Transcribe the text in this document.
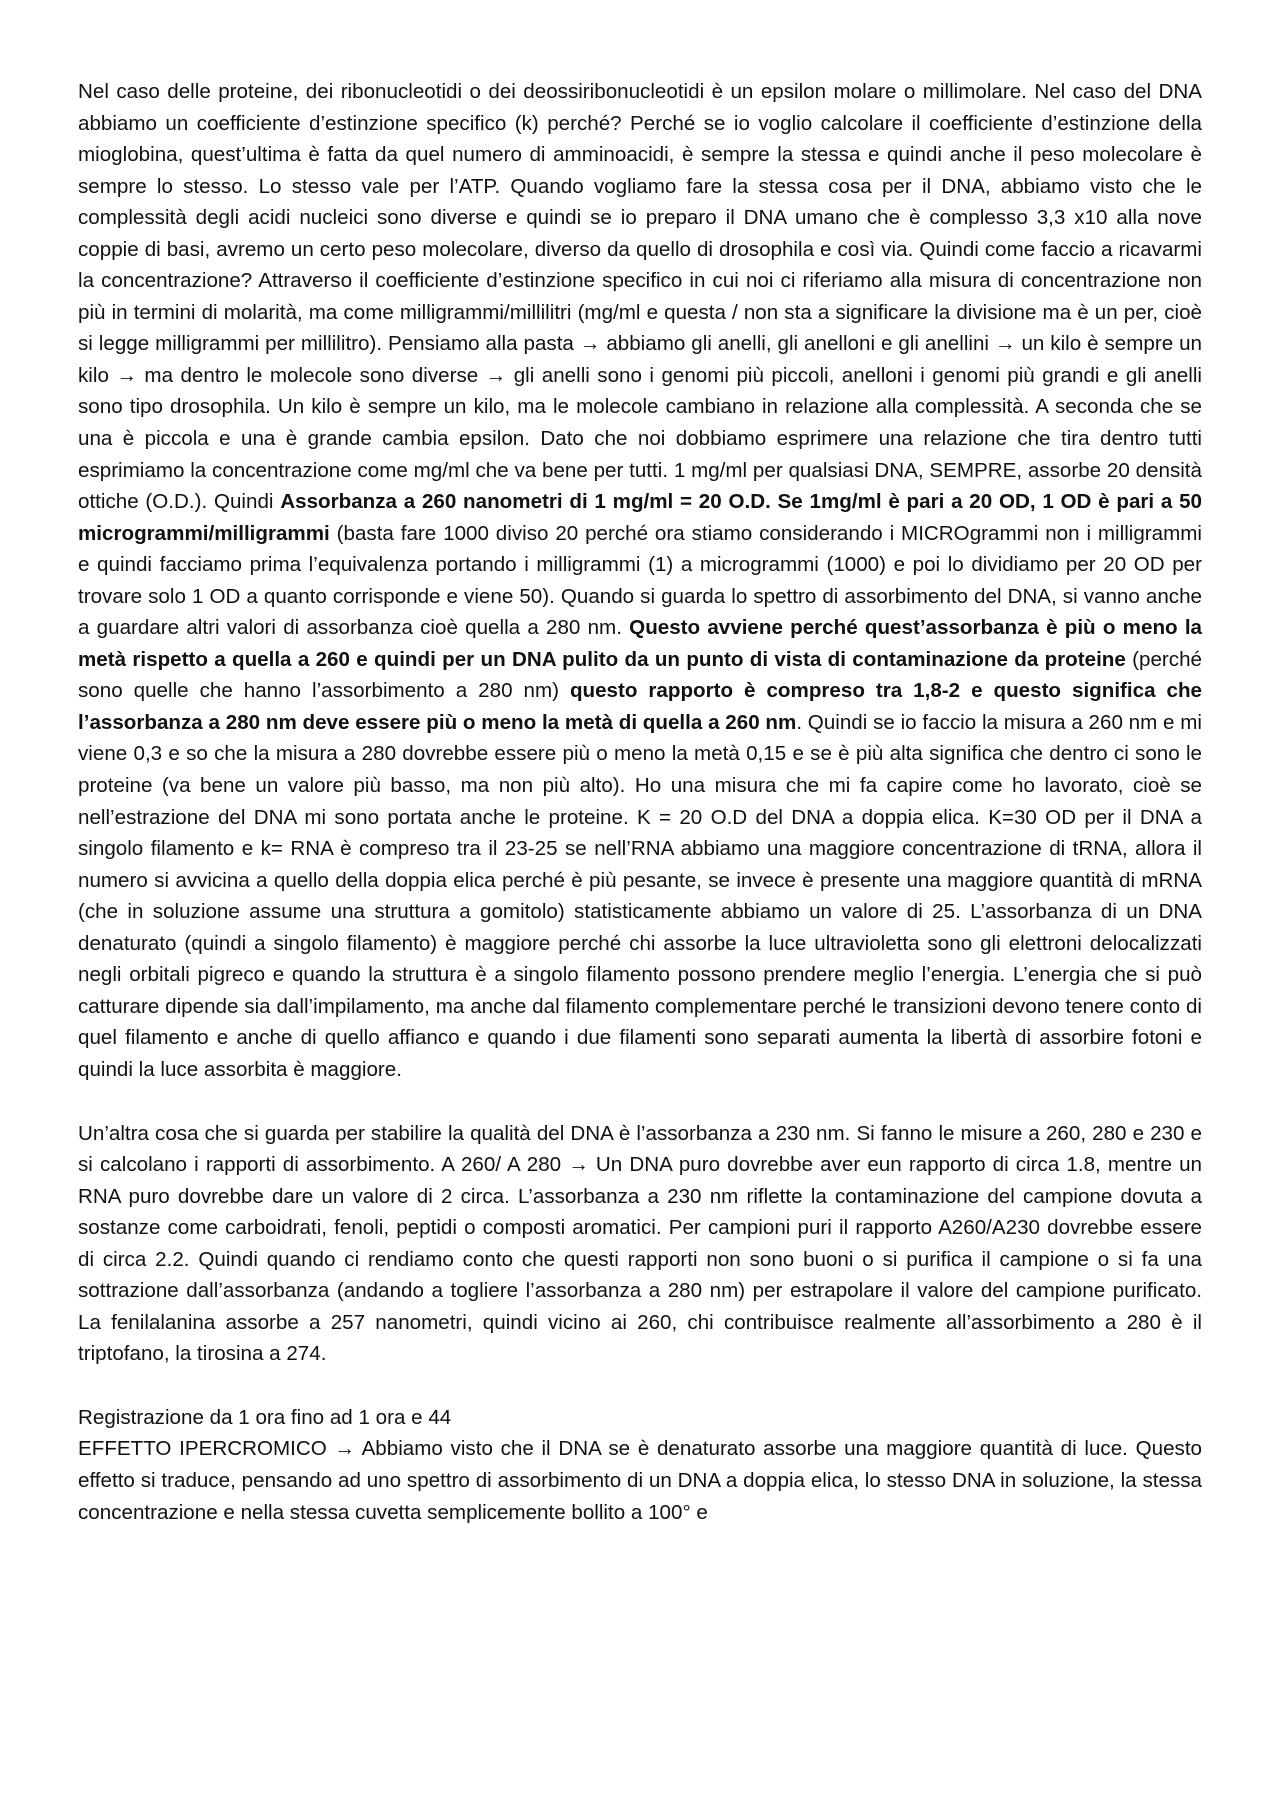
Nel caso delle proteine, dei ribonucleotidi o dei deossiribonucleotidi è un epsilon molare o millimolare. Nel caso del DNA abbiamo un coefficiente d’estinzione specifico (k) perché? Perché se io voglio calcolare il coefficiente d’estinzione della mioglobina, quest’ultima è fatta da quel numero di amminoacidi, è sempre la stessa e quindi anche il peso molecolare è sempre lo stesso. Lo stesso vale per l’ATP. Quando vogliamo fare la stessa cosa per il DNA, abbiamo visto che le complessità degli acidi nucleici sono diverse e quindi se io preparo il DNA umano che è complesso 3,3 x10 alla nove coppie di basi, avremo un certo peso molecolare, diverso da quello di drosophila e così via. Quindi come faccio a ricavarmi la concentrazione? Attraverso il coefficiente d’estinzione specifico in cui noi ci riferiamo alla misura di concentrazione non più in termini di molarità, ma come milligrammi/millilitri (mg/ml e questa / non sta a significare la divisione ma è un per, cioè si legge milligrammi per millilitro). Pensiamo alla pasta → abbiamo gli anelli, gli anelloni e gli anellini → un kilo è sempre un kilo → ma dentro le molecole sono diverse → gli anelli sono i genomi più piccoli, anelloni i genomi più grandi e gli anelli sono tipo drosophila. Un kilo è sempre un kilo, ma le molecole cambiano in relazione alla complessità. A seconda che se una è piccola e una è grande cambia epsilon. Dato che noi dobbiamo esprimere una relazione che tira dentro tutti esprimiamo la concentrazione come mg/ml che va bene per tutti. 1 mg/ml per qualsiasi DNA, SEMPRE, assorbe 20 densità ottiche (O.D.). Quindi Assorbanza a 260 nanometri di 1 mg/ml = 20 O.D. Se 1mg/ml è pari a 20 OD, 1 OD è pari a 50 microgrammi/milligrammi (basta fare 1000 diviso 20 perché ora stiamo considerando i MICROgrammi non i milligrammi e quindi facciamo prima l’equivalenza portando i milligrammi (1) a microgrammi (1000) e poi lo dividiamo per 20 OD per trovare solo 1 OD a quanto corrisponde e viene 50). Quando si guarda lo spettro di assorbimento del DNA, si vanno anche a guardare altri valori di assorbanza cioè quella a 280 nm. Questo avviene perché quest’assorbanza è più o meno la metà rispetto a quella a 260 e quindi per un DNA pulito da un punto di vista di contaminazione da proteine (perché sono quelle che hanno l’assorbimento a 280 nm) questo rapporto è compreso tra 1,8-2 e questo significa che l’assorbanza a 280 nm deve essere più o meno la metà di quella a 260 nm. Quindi se io faccio la misura a 260 nm e mi viene 0,3 e so che la misura a 280 dovrebbe essere più o meno la metà 0,15 e se è più alta significa che dentro ci sono le proteine (va bene un valore più basso, ma non più alto). Ho una misura che mi fa capire come ho lavorato, cioè se nell’estrazione del DNA mi sono portata anche le proteine. K = 20 O.D del DNA a doppia elica. K=30 OD per il DNA a singolo filamento e k= RNA è compreso tra il 23-25 se nell’RNA abbiamo una maggiore concentrazione di tRNA, allora il numero si avvicina a quello della doppia elica perché è più pesante, se invece è presente una maggiore quantità di mRNA (che in soluzione assume una struttura a gomitolo) statisticamente abbiamo un valore di 25. L’assorbanza di un DNA denaturato (quindi a singolo filamento) è maggiore perché chi assorbe la luce ultravioletta sono gli elettroni delocalizzati negli orbitali pigreco e quando la struttura è a singolo filamento possono prendere meglio l’energia. L’energia che si può catturare dipende sia dall’impilamento, ma anche dal filamento complementare perché le transizioni devono tenere conto di quel filamento e anche di quello affianco e quando i due filamenti sono separati aumenta la libertà di assorbire fotoni e quindi la luce assorbita è maggiore.

Un’altra cosa che si guarda per stabilire la qualità del DNA è l’assorbanza a 230 nm. Si fanno le misure a 260, 280 e 230 e si calcolano i rapporti di assorbimento. A 260/ A 280 → Un DNA puro dovrebbe aver eun rapporto di circa 1.8, mentre un RNA puro dovrebbe dare un valore di 2 circa. L’assorbanza a 230 nm riflette la contaminazione del campione dovuta a sostanze come carboidrati, fenoli, peptidi o composti aromatici. Per campioni puri il rapporto A260/A230 dovrebbe essere di circa 2.2. Quindi quando ci rendiamo conto che questi rapporti non sono buoni o si purifica il campione o si fa una sottrazione dall’assorbanza (andando a togliere l’assorbanza a 280 nm) per estrapolare il valore del campione purificato. La fenilalanina assorbe a 257 nanometri, quindi vicino ai 260, chi contribuisce realmente all’assorbimento a 280 è il triptofano, la tirosina a 274.

Registrazione da 1 ora fino ad 1 ora e 44

EFFETTO IPERCROMICO → Abbiamo visto che il DNA se è denaturato assorbe una maggiore quantità di luce. Questo effetto si traduce, pensando ad uno spettro di assorbimento di un DNA a doppia elica, lo stesso DNA in soluzione, la stessa concentrazione e nella stessa cuvetta semplicemente bollito a 100° e
